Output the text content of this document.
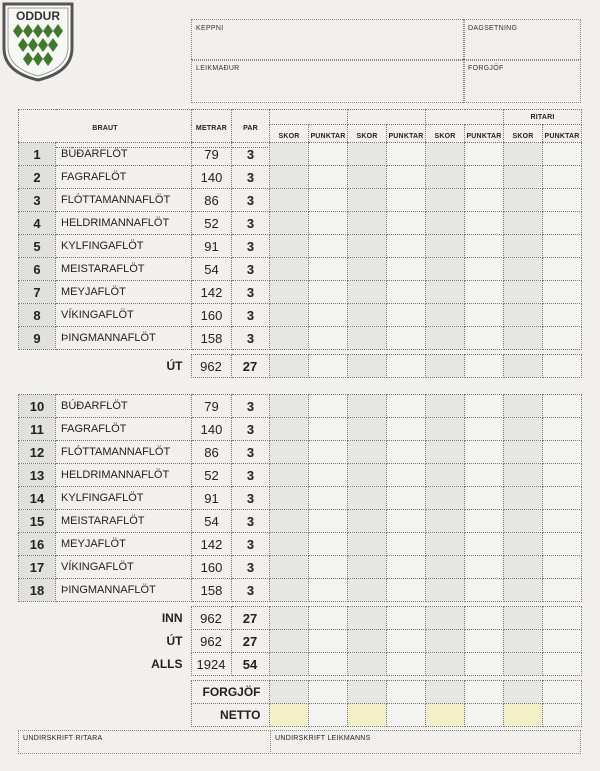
ODDUR
KEPPNI	DAGSETNING
LEIKMAÐUR	FORGJÖF
BRAUT	METRAR	PAR							RITARI	
			SKOR	PUNKTAR	SKOR	PUNKTAR	SKOR	PUNKTAR	SKOR	PUNKTAR
1	BÚÐARFLÖT	79	3								
2	FAGRAFLÖT	140	3								
3	FLÓTTAMANNAFLÖT	86	3								
4	HELDRIMANNAFLÖT	52	3								
5	KYLFINGAFLÖT	91	3								
6	MEISTARAFLÖT	54	3								
7	MEYJAFLÖT	142	3								
8	VÍKINGAFLÖT	160	3								
9	ÞINGMANNAFLÖT	158	3								
ÚT	962	27								
10	BÚÐARFLÖT	79	3								
11	FAGRAFLÖT	140	3								
12	FLÓTTAMANNAFLÖT	86	3								
13	HELDRIMANNAFLÖT	52	3								
14	KYLFINGAFLÖT	91	3								
15	MEISTARAFLÖT	54	3								
16	MEYJAFLÖT	142	3								
17	VÍKINGAFLÖT	160	3								
18	ÞINGMANNAFLÖT	158	3								
INN	962	27								
ÚT	962	27								
ALLS	1924	54								
	FORGJÖF								
	NETTO								
UNDIRSKRIFT RITARA	UNDIRSKRIFT LEIKMANNS
